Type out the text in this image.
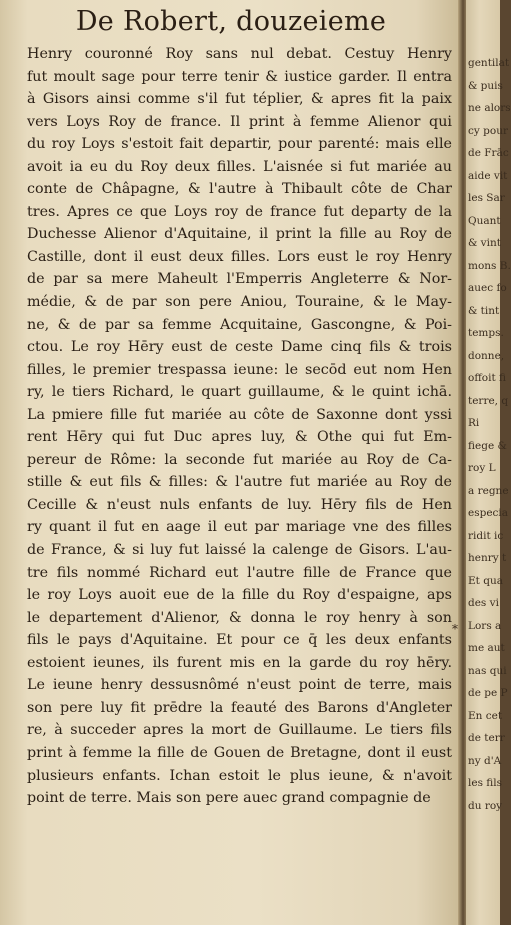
De Robert, douzeieme
Henry couronné Roy sans nul debat. Cestuy Henry
fut moult sage pour terre tenir & iustice garder. Il entra
à Gisors ainsi comme s'il fut téplier, & apres fit la paix
vers Loys Roy de france. Il print à femme Alienor qui
du roy Loys s'estoit fait departir, pour parenté: mais elle
avoit ia eu du Roy deux filles. L'aisnée si fut mariée au
conte de Châpagne, & l'autre à Thibault côte de Char
tres. Apres ce que Loys roy de france fut departy de la
Duchesse Alienor d'Aquitaine, il print la fille au Roy de
Castille, dont il eust deux filles. Lors eust le roy Henry
de par sa mere Maheult l'Emperris Angleterre & Nor-
médie, & de par son pere Aniou, Touraine, & le May-
ne, & de par sa femme Acquitaine, Gascongne, & Poi-
ctou. Le roy Hēry eust de ceste Dame cinq fils & trois
filles, le premier trespassa ieune: le secōd eut nom Hen
ry, le tiers Richard, le quart guillaume, & le quint ichā.
La pmiere fille fut mariée au côte de Saxonne dont yssi
rent Hēry qui fut Duc apres luy, & Othe qui fut Em-
pereur de Rôme: la seconde fut mariée au Roy de Ca-
stille & eut fils & filles: & l'autre fut mariée au Roy de
Cecille & n'eust nuls enfants de luy. Hēry fils de Hen
ry quant il fut en aage il eut par mariage vne des filles
de France, & si luy fut laissé la calenge de Gisors. L'au-
tre fils nommé Richard eut l'autre fille de France que
le roy Loys auoit eue de la fille du Roy d'espaigne, aps
le departement d'Alienor, & donna le roy henry à son
fils le pays d'Aquitaine. Et pour ce q̄ les deux enfants
estoient ieunes, ils furent mis en la garde du roy hēry.
Le ieune henry dessusnômé n'eust point de terre, mais
son pere luy fit prēdre la feauté des Barons d'Angleter
re, à succeder apres la mort de Guillaume. Le tiers fils
print à femme la fille de Gouen de Bretagne, dont il eust
plusieurs enfants. Ichan estoit le plus ieune, & n'avoit
point de terre. Mais son pere auec grand compagnie de
*
gentilat
& puis
ne alors
cy pour
de Frāc
aide vit
les Sar
Quant
& vint
mons B.
auec fo
& tint
temps.
donne,
offoit fi
terre, q
Ri
fiege &
roy L
a regne
especia
ridit ic
henry t
Et qua
des vi
Lors a
me aut
nas qui
de pe P
En cet
de terr
ny d'A
les fils
du roy
